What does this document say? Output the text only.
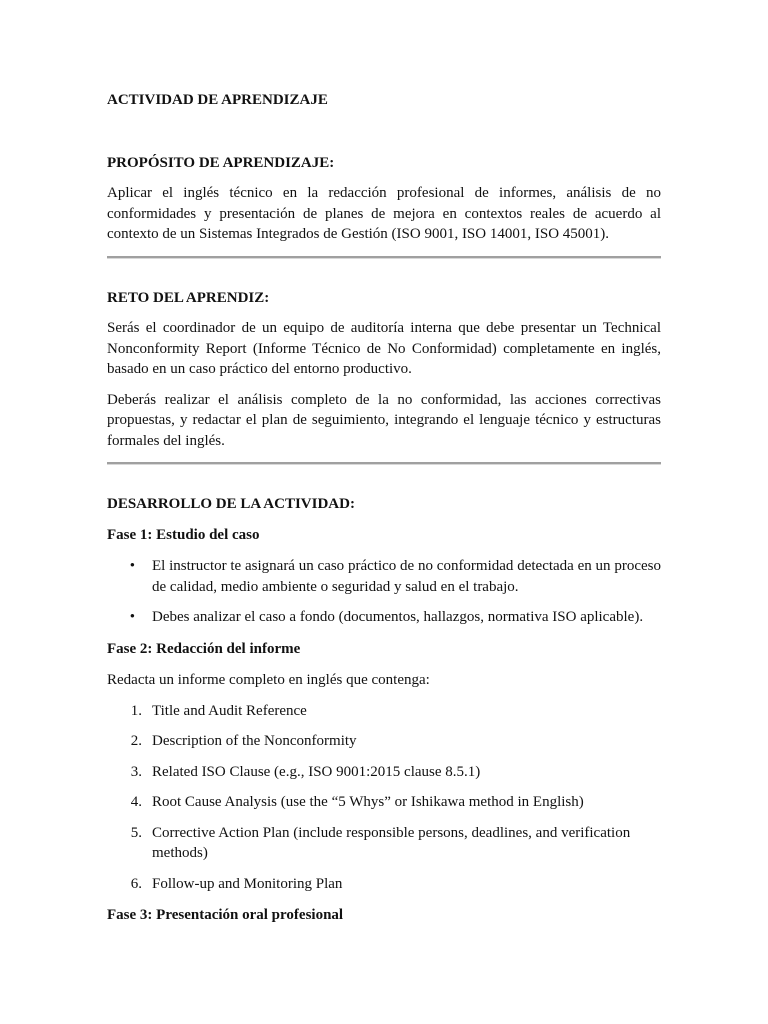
ACTIVIDAD DE APRENDIZAJE
PROPÓSITO DE APRENDIZAJE:

Aplicar el inglés técnico en la redacción profesional de informes, análisis de no conformidades y presentación de planes de mejora en contextos reales de acuerdo al contexto de un Sistemas Integrados de Gestión (ISO 9001, ISO 14001, ISO 45001).

RETO DEL APRENDIZ:

Serás el coordinador de un equipo de auditoría interna que debe presentar un Technical Nonconformity Report (Informe Técnico de No Conformidad) completamente en inglés, basado en un caso práctico del entorno productivo.

Deberás realizar el análisis completo de la no conformidad, las acciones correctivas propuestas, y redactar el plan de seguimiento, integrando el lenguaje técnico y estructuras formales del inglés.

DESARROLLO DE LA ACTIVIDAD:
Fase 1: Estudio del caso
•	El instructor te asignará un caso práctico de no conformidad detectada en un proceso de calidad, medio ambiente o seguridad y salud en el trabajo.
•	Debes analizar el caso a fondo (documentos, hallazgos, normativa ISO aplicable).
Fase 2: Redacción del informe

Redacta un informe completo en inglés que contenga:

1. Title and Audit Reference
2. Description of the Nonconformity
3. Related ISO Clause (e.g., ISO 9001:2015 clause 8.5.1)
4. Root Cause Analysis (use the “5 Whys” or Ishikawa method in English)
5. Corrective Action Plan (include responsible persons, deadlines, and verification methods)
6. Follow-up and Monitoring Plan
Fase 3: Presentación oral profesional
